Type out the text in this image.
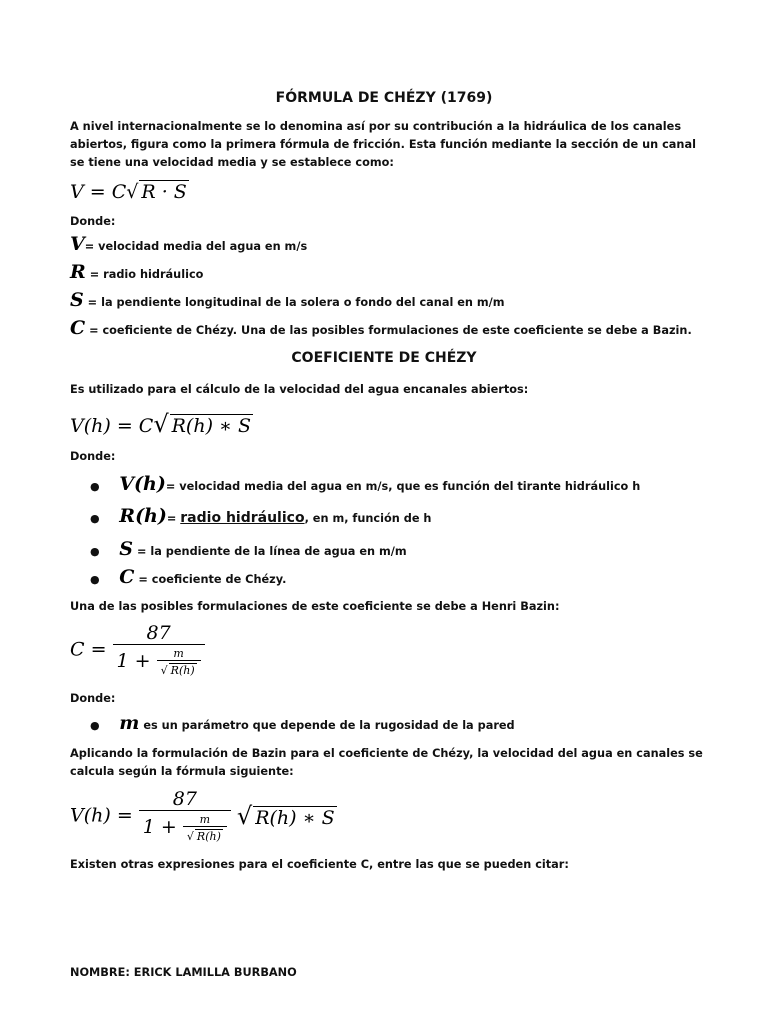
FÓRMULA DE CHÉZY (1769)
A nivel internacionalmente se lo denomina así por su contribución a la hidráulica de los canales abiertos, figura como la primera fórmula de fricción. Esta función mediante la sección de un canal se tiene una velocidad media y se establece como:
V = C√ R · S
Donde:
V= velocidad media del agua en m/s
R = radio hidráulico
S = la pendiente longitudinal de la solera o fondo del canal en m/m
C = coeficiente de Chézy. Una de las posibles formulaciones de este coeficiente se debe a Bazin.
COEFICIENTE DE CHÉZY
Es utilizado para el cálculo de la velocidad del agua encanales abiertos:
V(h) = C√ R(h) ∗ S
Donde:
● V(h)= velocidad media del agua en m/s, que es función del tirante hidráulico h
● R(h)= radio hidráulico, en m, función de h
● S = la pendiente de la línea de agua en m/m
● C = coeficiente de Chézy.
Una de las posibles formulaciones de este coeficiente se debe a Henri Bazin:
$C = \frac{87}{1 + \frac{m}{√ R(h)}}$
Donde:
● m es un parámetro que depende de la rugosidad de la pared
Aplicando la formulación de Bazin para el coeficiente de Chézy, la velocidad del agua en canales se calcula según la fórmula siguiente:
$V(h) = \frac{87}{1 + \frac{m}{√ R(h)}}$ √ R(h) ∗ S
Existen otras expresiones para el coeficiente C, entre las que se pueden citar:
NOMBRE: ERICK LAMILLA BURBANO
